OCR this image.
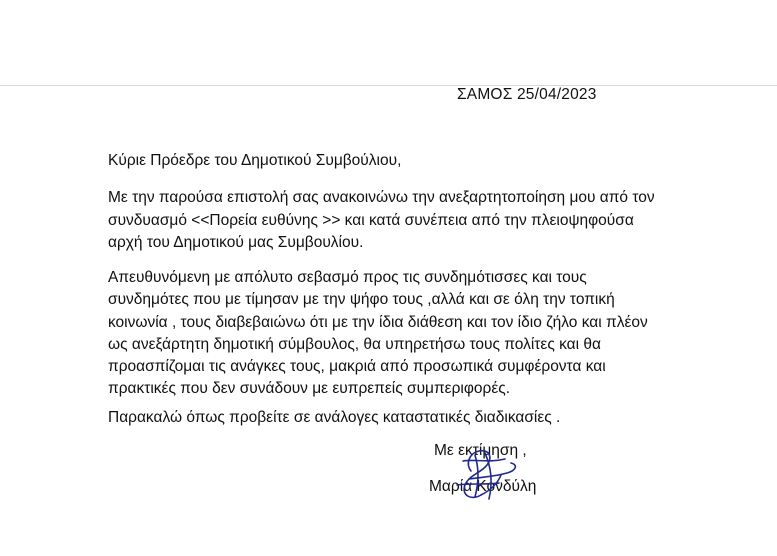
ΣΑΜΟΣ 25/04/2023
Κύριε Πρόεδρε του Δημοτικού Συμβούλιου,
Με την παρούσα επιστολή σας ανακοινώνω την ανεξαρτητοποίηση μου από τον
συνδυασμό <<Πορεία ευθύνης >> και κατά συνέπεια από την πλειοψηφούσα
αρχή του Δημοτικού μας Συμβουλίου.
Απευθυνόμενη με απόλυτο σεβασμό προς τις συνδημότισσες και τους
συνδημότες που με τίμησαν με την ψήφο τους ,αλλά και σε όλη την τοπική
κοινωνία , τους διαβεβαιώνω ότι με την ίδια διάθεση και τον ίδιο ζήλο και πλέον
ως ανεξάρτητη δημοτική σύμβουλος, θα υπηρετήσω τους πολίτες και θα
προασπίζομαι τις ανάγκες τους, μακριά από προσωπικά συμφέροντα και
πρακτικές που δεν συνάδουν με ευπρεπείς συμπεριφορές.
Παρακαλώ όπως προβείτε σε ανάλογες καταστατικές διαδικασίες .
Με εκτίμηση ,
Μαρία Κονδύλη
